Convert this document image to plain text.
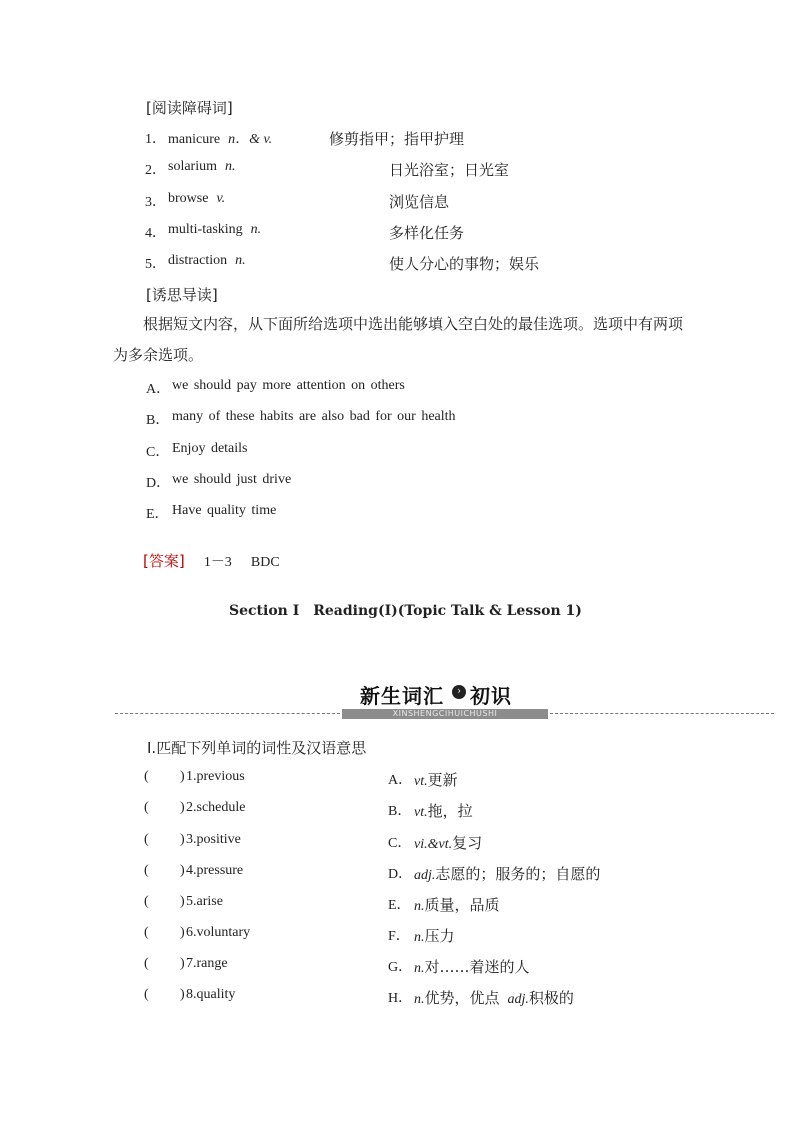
[阅读障碍词]
1． manicure n．& v.	修剪指甲；指甲护理
2． solarium n.	日光浴室；日光室
3． browse v.	浏览信息
4． multi-tasking n.	多样化任务
5． distraction n.	使人分心的事物；娱乐
[诱思导读]
根据短文内容，从下面所给选项中选出能够填入空白处的最佳选项。选项中有两项为多余选项。
A． we should pay more attention on others
B． many of these habits are also bad for our health
C． Enjoy details
D． we should just drive
E． Have quality time
[答案] 1－3 BDC
Section Ⅰ　Reading(Ⅰ)(Topic Talk & Lesson 1)
新生词汇	› 初识
XINSHENGCIHUICHUSHI
Ⅰ.匹配下列单词的词性及汉语意思
( ) 1.previous	A． vt.更新
( ) 2.schedule	B． vt.拖，拉
( ) 3.positive	C． vi.&vt.复习
( ) 4.pressure	D． adj.志愿的；服务的；自愿的
( ) 5.arise	E． n.质量，品质
( ) 6.voluntary	F． n.压力
( ) 7.range	G． n.对……着迷的人
( ) 8.quality	H． n.优势，优点 adj.积极的
